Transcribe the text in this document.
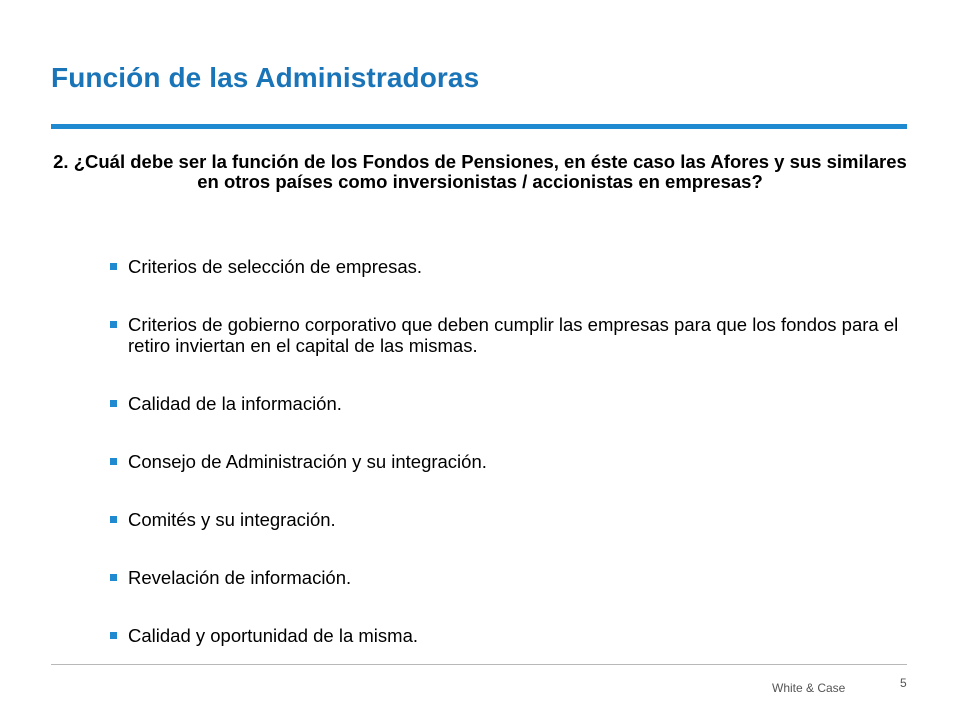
Función de las Administradoras
2. ¿Cuál debe ser la función de los Fondos de Pensiones, en éste caso las Afores y sus similares en otros países como inversionistas / accionistas en empresas?
Criterios de selección de empresas.
Criterios de gobierno corporativo que deben cumplir las empresas para que los fondos para el retiro inviertan en el capital de las mismas.
Calidad de la información.
Consejo de Administración y su integración.
Comités y su integración.
Revelación de información.
Calidad y oportunidad de la misma.
White & Case	5
